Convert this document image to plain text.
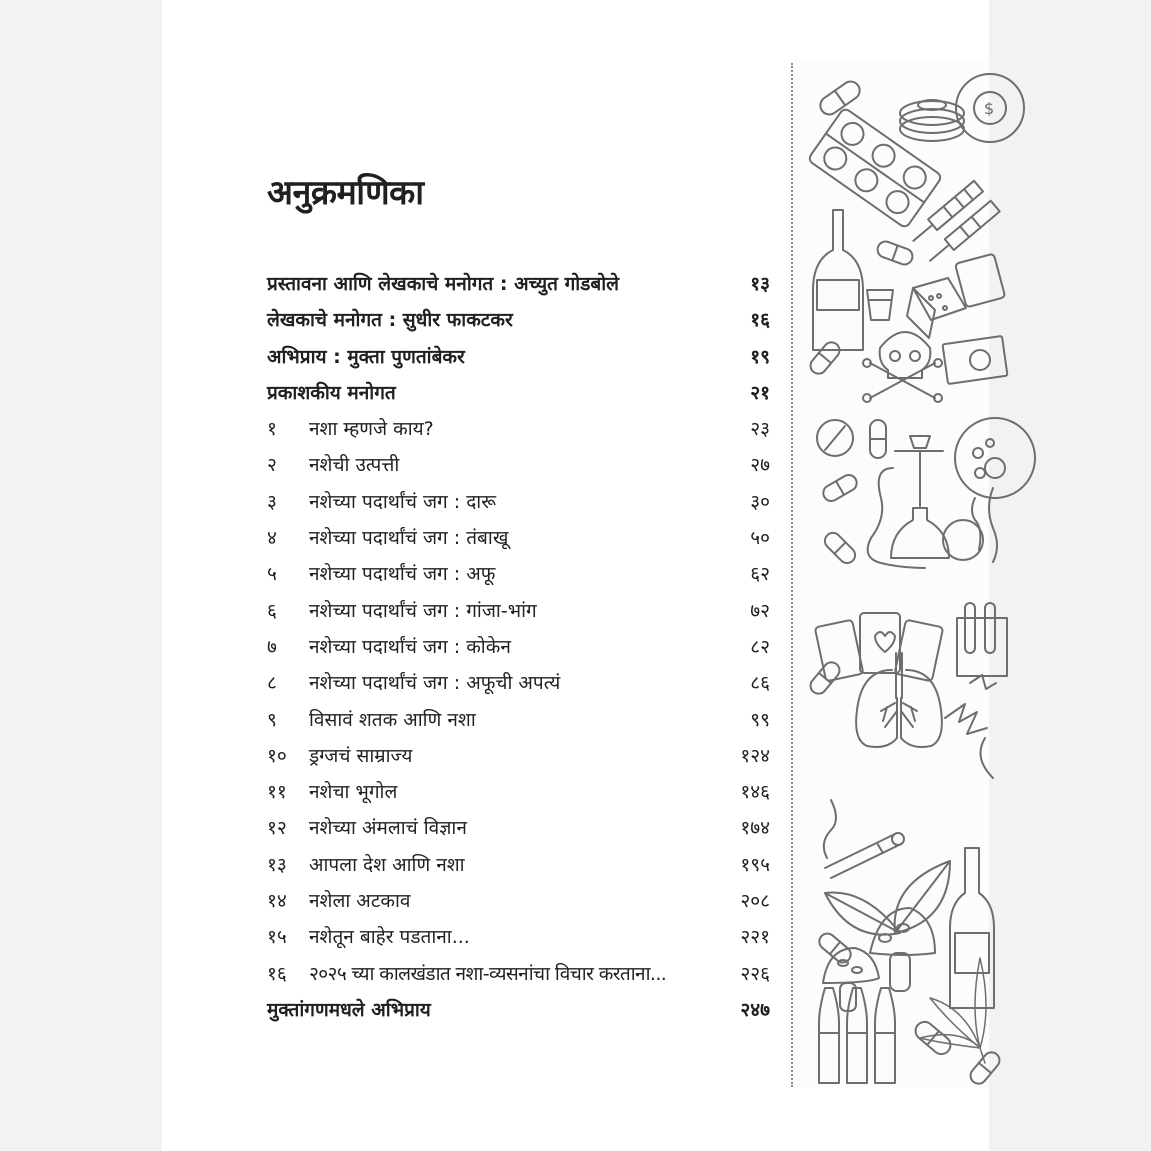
अनुक्रमणिका
प्रस्तावना आणि लेखकाचे मनोगत : अच्युत गोडबोले	१३
लेखकाचे मनोगत : सुधीर फाकटकर	१६
अभिप्राय : मुक्ता पुणतांबेकर	१९
प्रकाशकीय मनोगत	२१
१	नशा म्हणजे काय?	२३
२	नशेची उत्पत्ती	२७
३	नशेच्या पदार्थांचं जग : दारू	३०
४	नशेच्या पदार्थांचं जग : तंबाखू	५०
५	नशेच्या पदार्थांचं जग : अफू	६२
६	नशेच्या पदार्थांचं जग : गांजा-भांग	७२
७	नशेच्या पदार्थांचं जग : कोकेन	८२
८	नशेच्या पदार्थांचं जग : अफूची अपत्यं	८६
९	विसावं शतक आणि नशा	९९
१०	ड्रग्जचं साम्राज्य	१२४
११	नशेचा भूगोल	१४६
१२	नशेच्या अंमलाचं विज्ञान	१७४
१३	आपला देश आणि नशा	१९५
१४	नशेला अटकाव	२०८
१५	नशेतून बाहेर पडताना...	२२१
१६	२०२५ च्या कालखंडात नशा-व्यसनांचा विचार करताना...	२२६
मुक्तांगणमधले अभिप्राय	२४७
$
